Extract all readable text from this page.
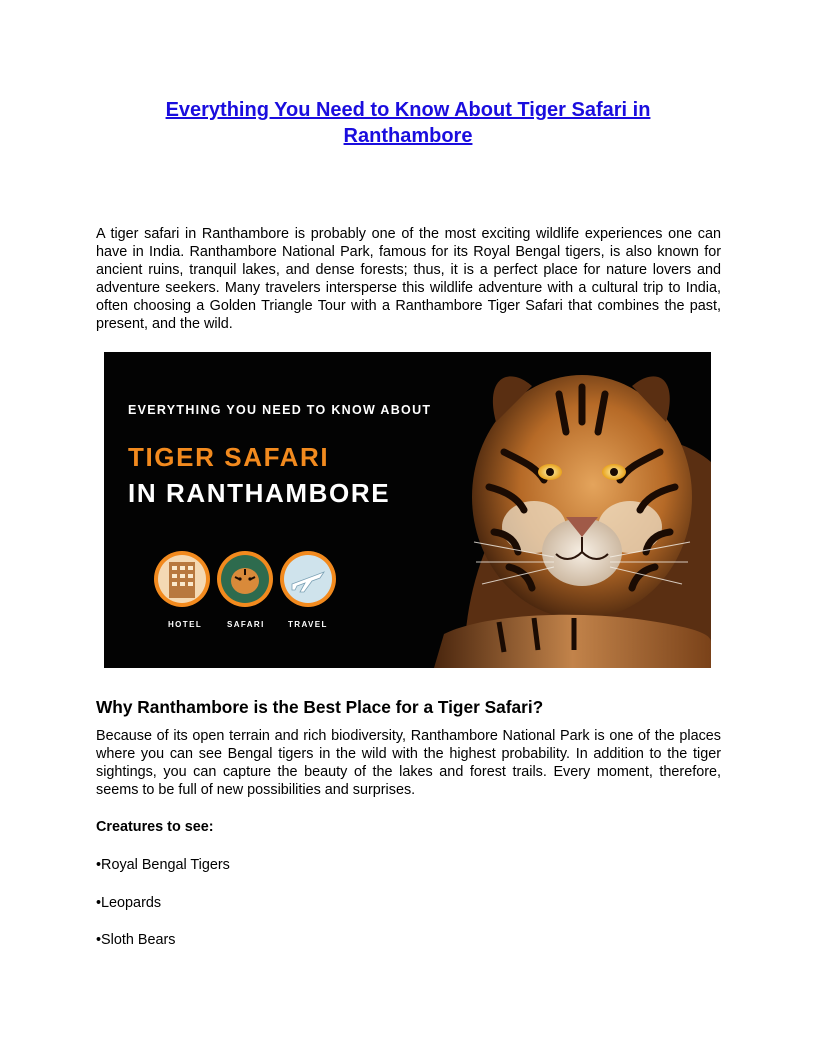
Everything You Need to Know About Tiger Safari in
Ranthambore

A tiger safari in Ranthambore is probably one of the most exciting wildlife experiences one can have in India. Ranthambore National Park, famous for its Royal Bengal tigers, is also known for ancient ruins, tranquil lakes, and dense forests; thus, it is a perfect place for nature lovers and adventure seekers. Many travelers intersperse this wildlife adventure with a cultural trip to India, often choosing a Golden Triangle Tour with a Ranthambore Tiger Safari that combines the past, present, and the wild.

EVERYTHING YOU NEED TO KNOW ABOUT

TIGER SAFARI

IN RANTHAMBORE

HOTEL	SAFARI	TRAVEL
Why Ranthambore is the Best Place for a Tiger Safari?

Because of its open terrain and rich biodiversity, Ranthambore National Park is one of the places where you can see Bengal tigers in the wild with the highest probability. In addition to the tiger sightings, you can capture the beauty of the lakes and forest trails. Every moment, therefore, seems to be full of new possibilities and surprises.

Creatures to see:

•Royal Bengal Tigers

•Leopards

•Sloth Bears
